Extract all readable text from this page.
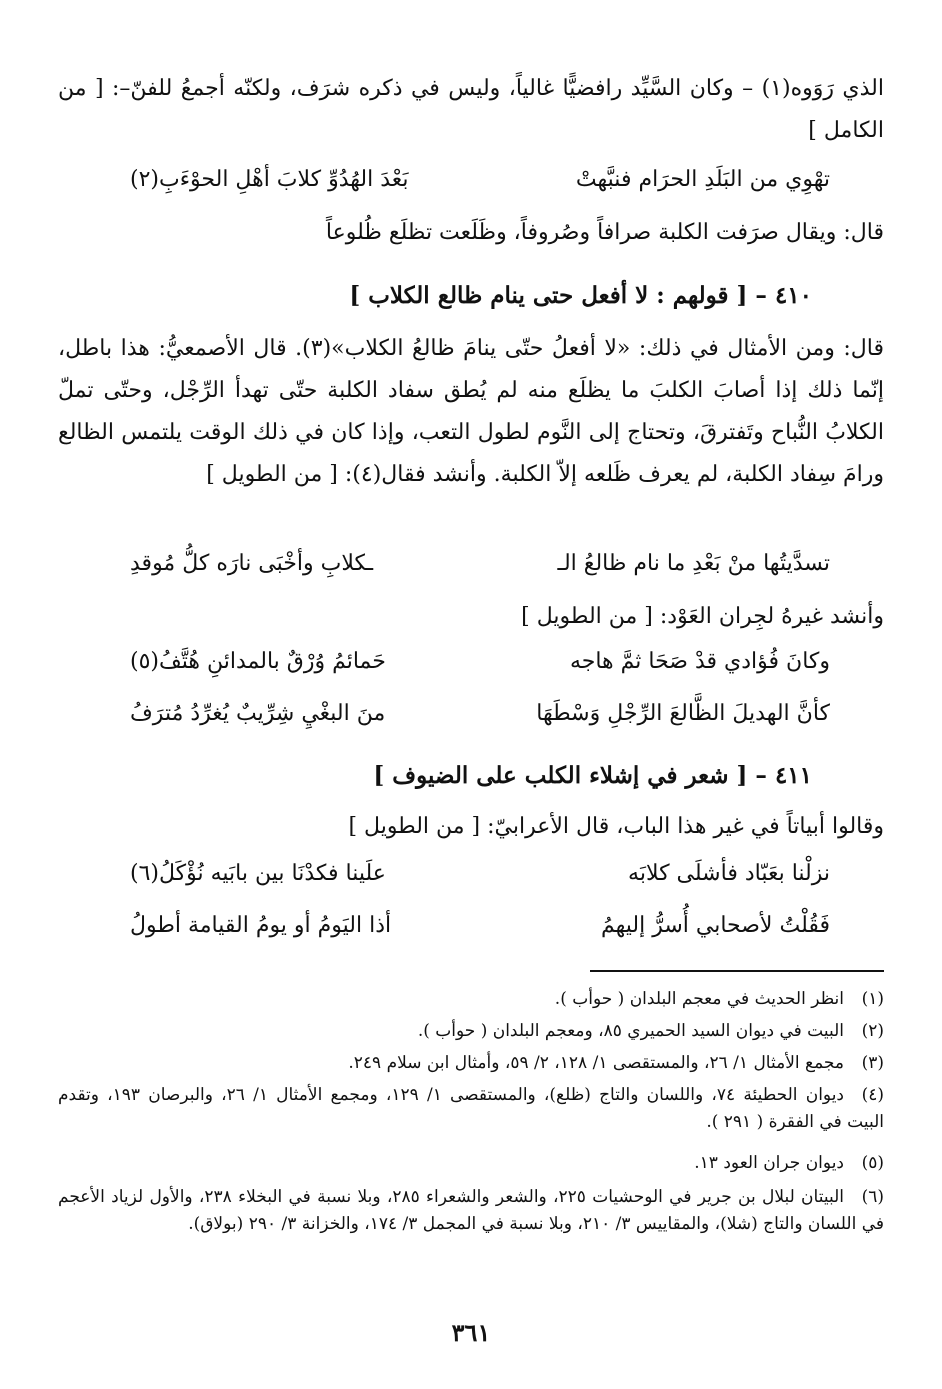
الذي رَوَوه(١) – وكان السَّيِّد رافضيًّا غالياً، وليس في ذكره شرَف، ولكنّه أجمعُ للفنّ–: [ من الكامل ]
تهْوِي من البَلَدِ الحرَام فنبَّهتْ
بَعْدَ الهُدُوِّ كلابَ أهْلِ الحوْءَبِ(٢)
قال: ويقال صرَفت الكلبة صرافاً وصُروفاً، وظَلَعت تظلَع ظُلوعاً
٤١٠ – [ قولهم : لا أفعل حتى ينام ظالع الكلاب ]
قال: ومن الأمثال في ذلك: «لا أفعلُ حتّى ينامَ ظالعُ الكلاب»(٣). قال الأصمعيُّ: هذا باطل، إنّما ذلك إذا أصابَ الكلبَ ما يظلَع منه لم يُطق سفاد الكلبة حتّى تهدأ الرِّجْل، وحتّى تملّ الكلابُ النُّباح وتَفترقَ، وتحتاج إلى النَّوم لطول التعب، وإذا كان في ذلك الوقت يلتمس الظالع ورامَ سِفاد الكلبة، لم يعرف ظَلعه إلاّ الكلبة. وأنشد فقال(٤): [ من الطويل ]
تسدَّيتُها منْ بَعْدِ ما نام ظالعُ الـ
ـكلابِ وأخْبَى نارَه كلُّ مُوقدِ
وأنشد غيرهُ لجِران العَوْد: [ من الطويل ]
وكانَ فُؤادي قدْ صَحَا ثمَّ هاجه
حَمائمُ وُرْقٌ بالمدائنِ هُتَّفُ(٥)
كأنَّ الهديلَ الظَّالعَ الرِّجْلِ وَسْطَهَا
منَ البغْيِ شِرِّيبٌ يُغرِّدُ مُترَفُ
٤١١ – [ شعر في إشلاء الكلب على الضيوف ]
وقالوا أبياتاً في غير هذا الباب، قال الأعرابيّ: [ من الطويل ]
نزلْنا بعَبّاد فأشلَى كلابَه
علَينا فكدْنَا بين بابَيه نُؤْكَلُ(٦)
فَقُلْتُ لأصحابي أُسرُّ إليهمُ
أذا اليَومُ أو يومُ القيامة أطولُ
(١)انظر الحديث في معجم البلدان ( حوأب ).
(٢)البيت في ديوان السيد الحميري ٨٥، ومعجم البلدان ( حوأب ).
(٣)مجمع الأمثال ١/ ٢٦، والمستقصى ١/ ١٢٨، ٢/ ٥٩، وأمثال ابن سلام ٢٤٩.
(٤)ديوان الحطيئة ٧٤، واللسان والتاج (ظلع)، والمستقصى ١/ ١٢٩، ومجمع الأمثال ١/ ٢٦، والبرصان ١٩٣، وتقدم البيت في الفقرة ( ٢٩١ ).
(٥)ديوان جران العود ١٣.
(٦)البيتان لبلال بن جرير في الوحشيات ٢٢٥، والشعر والشعراء ٢٨٥، وبلا نسبة في البخلاء ٢٣٨، والأول لزياد الأعجم في اللسان والتاج (شلا)، والمقاييس ٣/ ٢١٠، وبلا نسبة في المجمل ٣/ ١٧٤، والخزانة ٣/ ٢٩٠ (بولاق).
٣٦١
